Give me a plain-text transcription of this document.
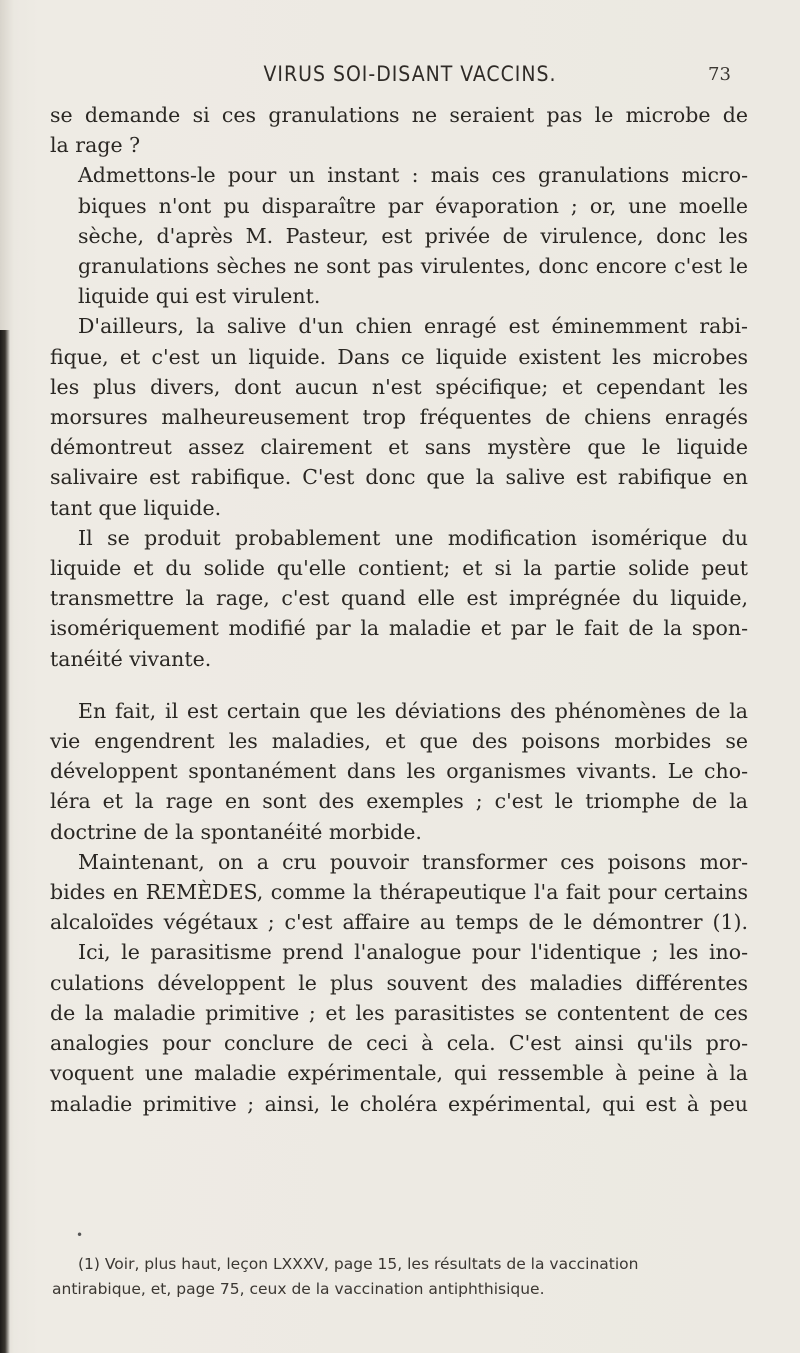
VIRUS SOI-DISANT VACCINS.	73

se demande si ces granulations ne seraient pas le microbe de
la rage ?

Admettons-le pour un instant : mais ces granulations micro-
biques n'ont pu disparaître par évaporation ; or, une moelle
sèche, d'après M. Pasteur, est privée de virulence, donc les
granulations sèches ne sont pas virulentes, donc encore c'est le
liquide qui est virulent.

D'ailleurs, la salive d'un chien enragé est éminemment rabi-
fique, et c'est un liquide. Dans ce liquide existent les microbes
les plus divers, dont aucun n'est spécifique; et cependant les
morsures malheureusement trop fréquentes de chiens enragés
démontreut assez clairement et sans mystère que le liquide
salivaire est rabifique. C'est donc que la salive est rabifique en
tant que liquide.

Il se produit probablement une modification isomérique du
liquide et du solide qu'elle contient; et si la partie solide peut
transmettre la rage, c'est quand elle est imprégnée du liquide,
isomériquement modifié par la maladie et par le fait de la spon-
tanéité vivante.

En fait, il est certain que les déviations des phénomènes de la
vie engendrent les maladies, et que des poisons morbides se
développent spontanément dans les organismes vivants. Le cho-
léra et la rage en sont des exemples ; c'est le triomphe de la
doctrine de la spontanéité morbide.

Maintenant, on a cru pouvoir transformer ces poisons mor-
bides en REMÈDES, comme la thérapeutique l'a fait pour certains
alcaloïdes végétaux ; c'est affaire au temps de le démontrer (1).
Ici, le parasitisme prend l'analogue pour l'identique ; les ino-
culations développent le plus souvent des maladies différentes
de la maladie primitive ; et les parasitistes se contentent de ces
analogies pour conclure de ceci à cela. C'est ainsi qu'ils pro-
voquent une maladie expérimentale, qui ressemble à peine à la
maladie primitive ; ainsi, le choléra expérimental, qui est à peu

•
(1) Voir, plus haut, leçon LXXXV, page 15, les résultats de la vaccination
antirabique, et, page 75, ceux de la vaccination antiphthisique.
